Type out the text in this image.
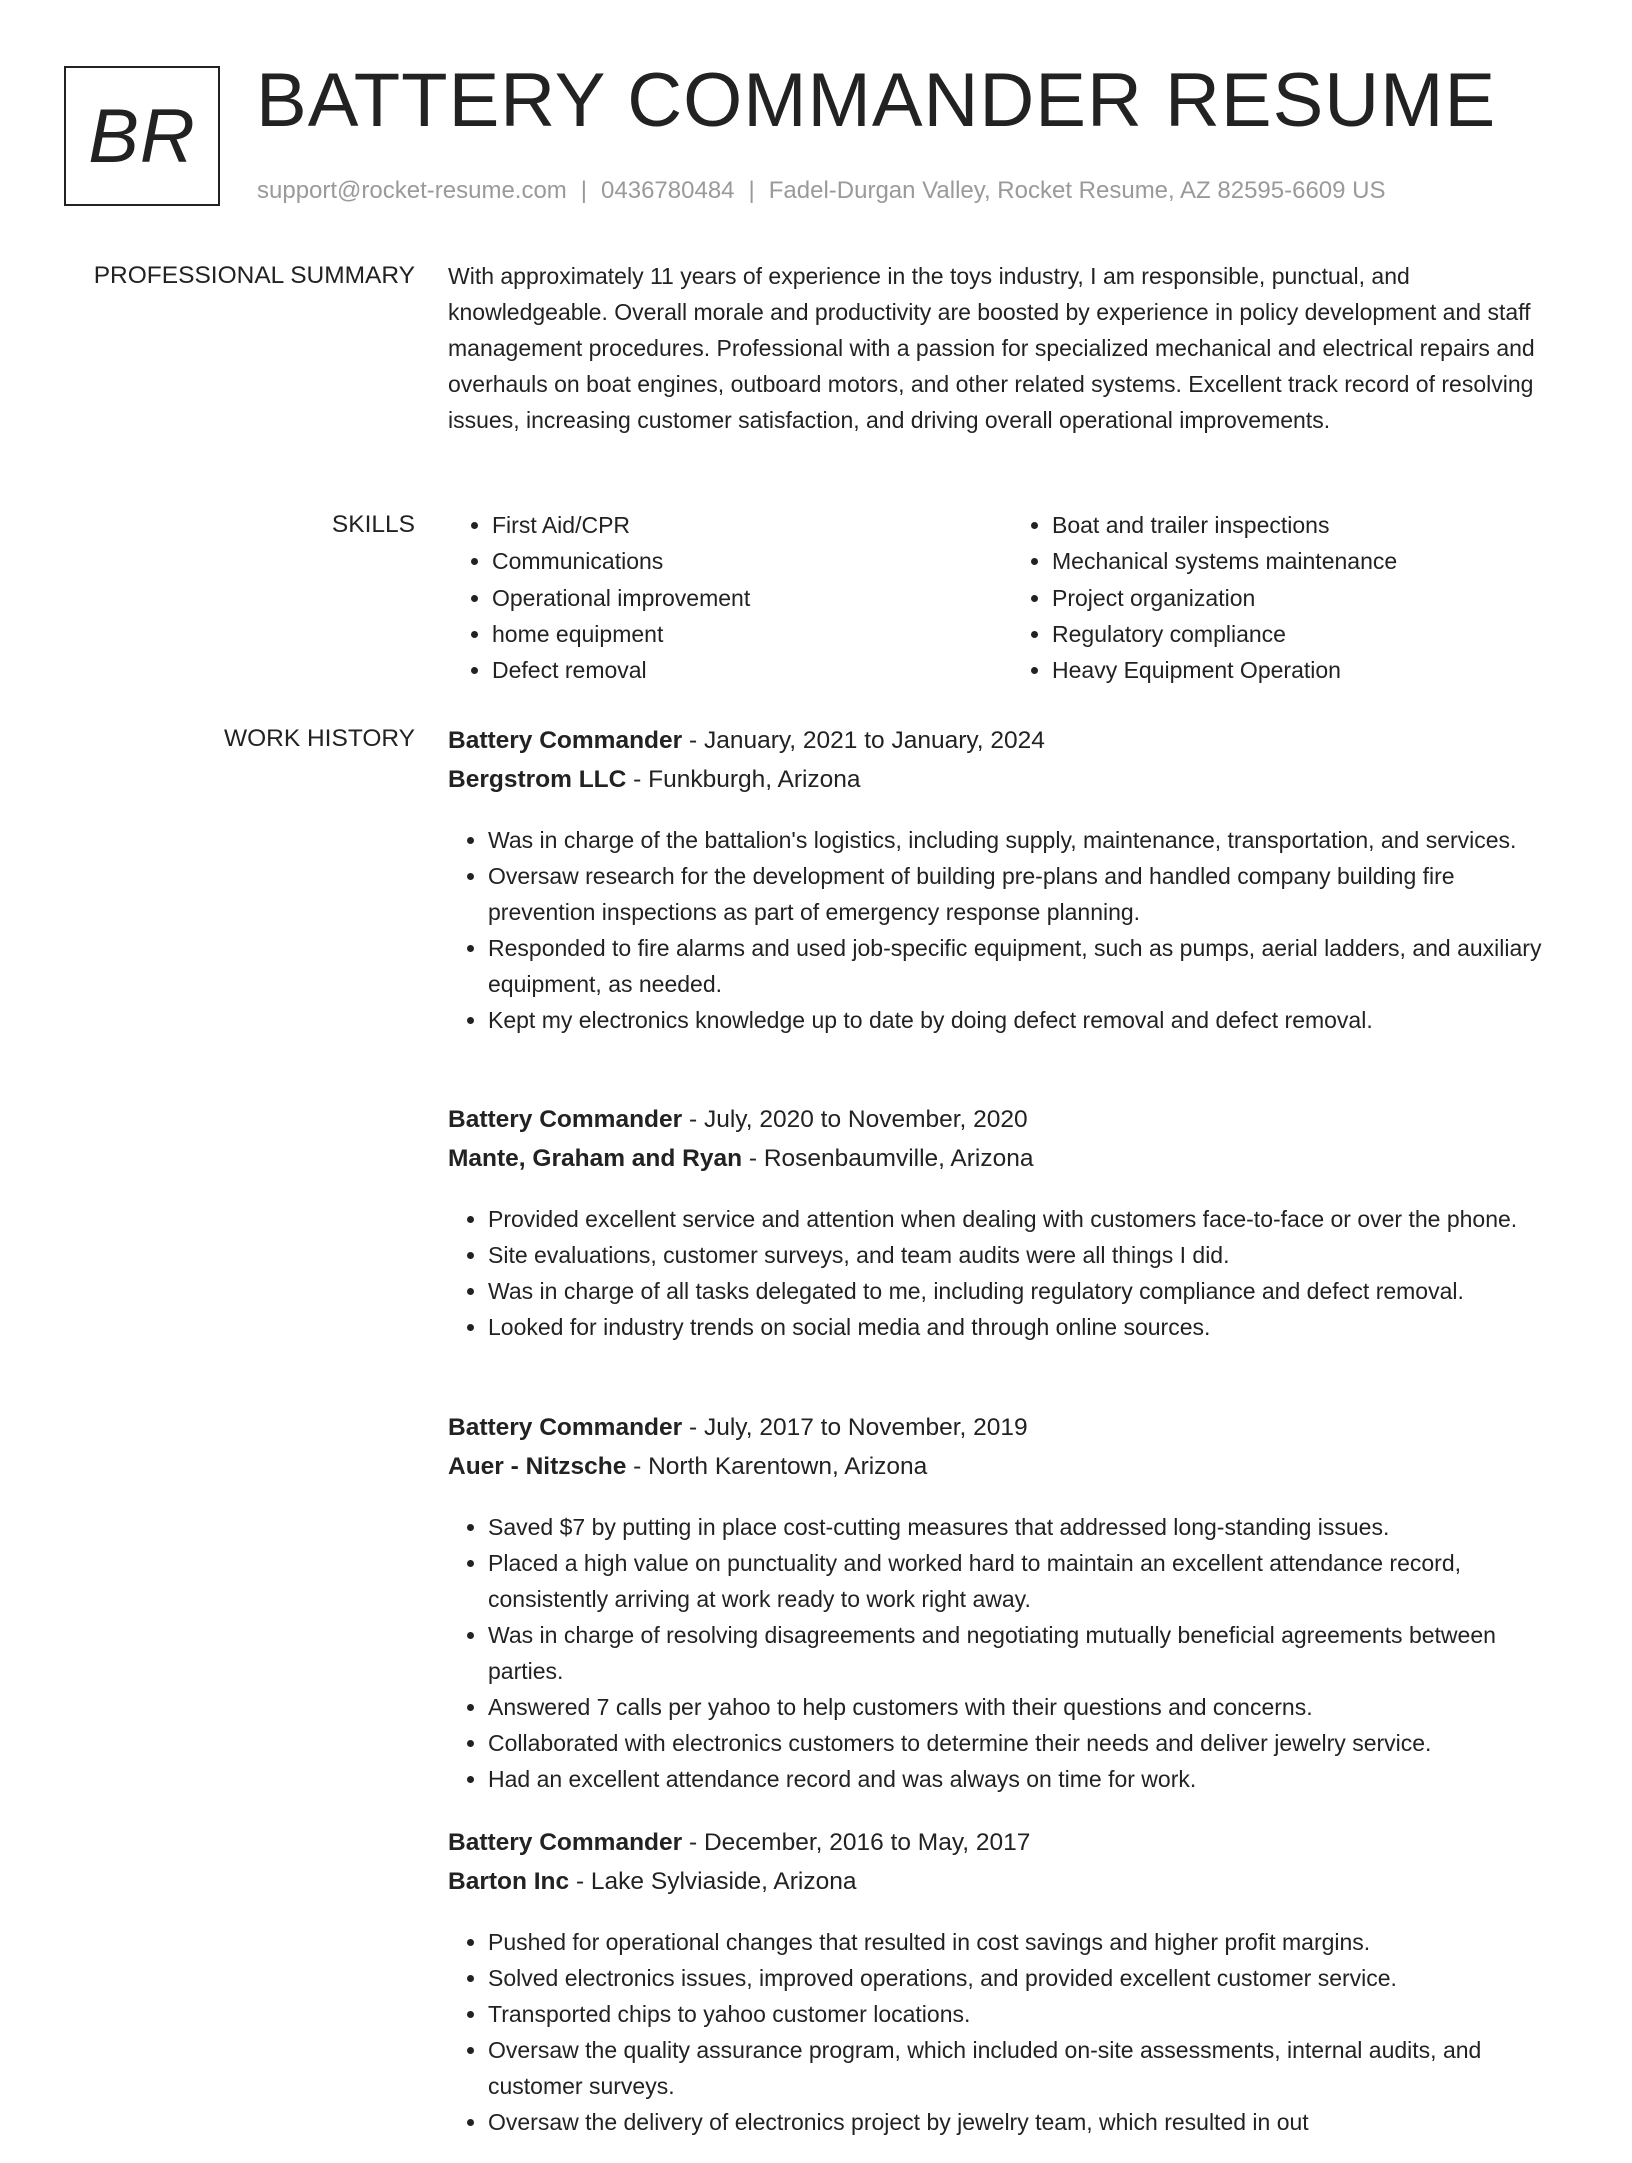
BR BATTERY COMMANDER RESUME
support@rocket-resume.com | 0436780484 | Fadel-Durgan Valley, Rocket Resume, AZ 82595-6609 US
PROFESSIONAL SUMMARY With approximately 11 years of experience in the toys industry, I am responsible, punctual, and knowledgeable. Overall morale and productivity are boosted by experience in policy development and staff management procedures. Professional with a passion for specialized mechanical and electrical repairs and overhauls on boat engines, outboard motors, and other related systems. Excellent track record of resolving issues, increasing customer satisfaction, and driving overall operational improvements.

SKILLS
•	First Aid/CPR
• Communications
• Operational improvement
• home equipment
• Defect removal
• Boat and trailer inspections
• Mechanical systems maintenance
• Project organization
• Regulatory compliance
• Heavy Equipment Operation
WORK HISTORY Battery Commander - January, 2021 to January, 2024
Bergstrom LLC - Funkburgh, Arizona
• Was in charge of the battalion's logistics, including supply, maintenance, transportation, and services.
• Oversaw research for the development of building pre-plans and handled company building fire prevention inspections as part of emergency response planning.
• Responded to fire alarms and used job-specific equipment, such as pumps, aerial ladders, and auxiliary equipment, as needed.
• Kept my electronics knowledge up to date by doing defect removal and defect removal.
Battery Commander - July, 2020 to November, 2020
Mante, Graham and Ryan - Rosenbaumville, Arizona
• Provided excellent service and attention when dealing with customers face-to-face or over the phone.
• Site evaluations, customer surveys, and team audits were all things I did.
• Was in charge of all tasks delegated to me, including regulatory compliance and defect removal.
• Looked for industry trends on social media and through online sources.
Battery Commander - July, 2017 to November, 2019
Auer - Nitzsche - North Karentown, Arizona
• Saved $7 by putting in place cost-cutting measures that addressed long-standing issues.
• Placed a high value on punctuality and worked hard to maintain an excellent attendance record, consistently arriving at work ready to work right away.
• Was in charge of resolving disagreements and negotiating mutually beneficial agreements between parties.
• Answered 7 calls per yahoo to help customers with their questions and concerns.
• Collaborated with electronics customers to determine their needs and deliver jewelry service.
• Had an excellent attendance record and was always on time for work.
Battery Commander - December, 2016 to May, 2017
Barton Inc - Lake Sylviaside, Arizona
• Pushed for operational changes that resulted in cost savings and higher profit margins.
• Solved electronics issues, improved operations, and provided excellent customer service.
• Transported chips to yahoo customer locations.
• Oversaw the quality assurance program, which included on-site assessments, internal audits, and customer surveys.
• Oversaw the delivery of electronics project by jewelry team, which resulted in out
